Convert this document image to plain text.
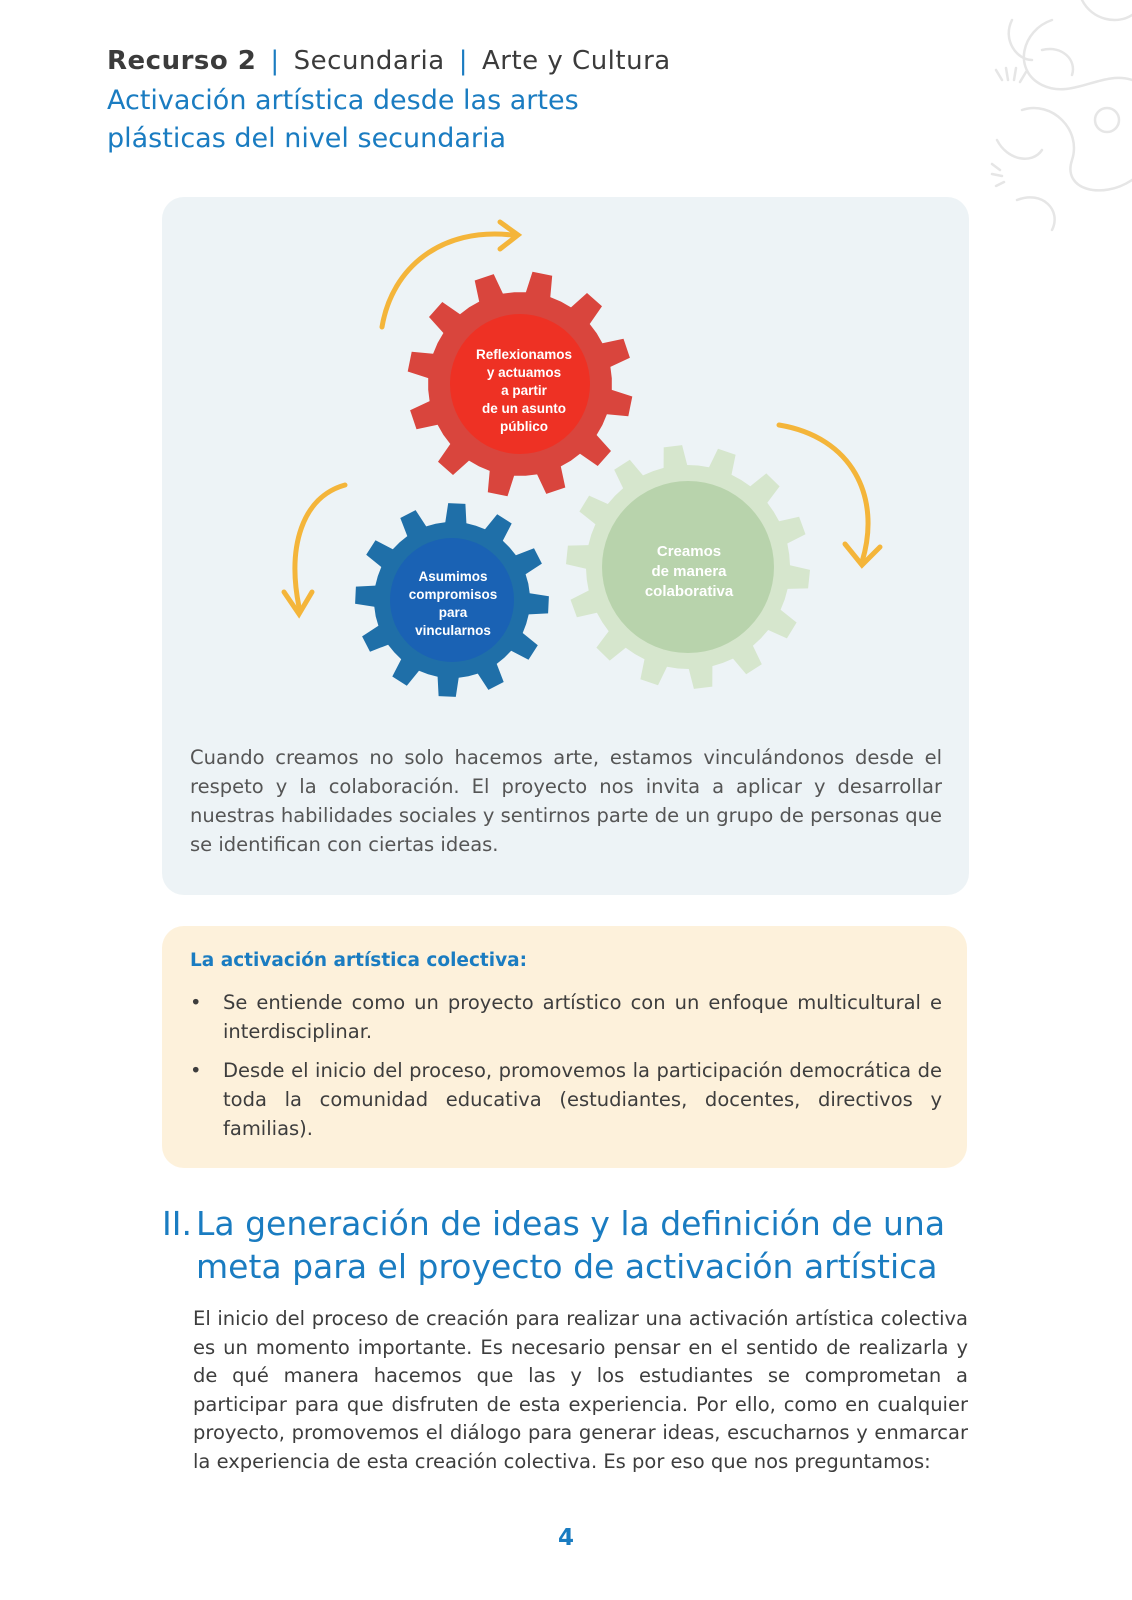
Recurso 2 | Secundaria | Arte y Cultura
Activación artística desde las artes
plásticas del nivel secundaria
Reflexionamos y actuamos a partir de un asunto público
Creamos de manera colaborativa
Asumimos compromisos para vincularnos
Cuando creamos no solo hacemos arte, estamos vinculándonos desde el respeto y la colaboración. El proyecto nos invita a aplicar y desarrollar nuestras habilidades sociales y sentirnos parte de un grupo de personas que se identifican con ciertas ideas.
La activación artística colectiva:
• Se entiende como un proyecto artístico con un enfoque multicultural e interdisciplinar.
• Desde el inicio del proceso, promovemos la participación democrática de toda la comunidad educativa (estudiantes, docentes, directivos y familias).
II. La generación de ideas y la definición de una
meta para el proyecto de activación artística
El inicio del proceso de creación para realizar una activación artística colectiva es un momento importante. Es necesario pensar en el sentido de realizarla y de qué manera hacemos que las y los estudiantes se comprometan a participar para que disfruten de esta experiencia. Por ello, como en cualquier proyecto, promovemos el diálogo para generar ideas, escucharnos y enmarcar la experiencia de esta creación colectiva. Es por eso que nos preguntamos:
4
